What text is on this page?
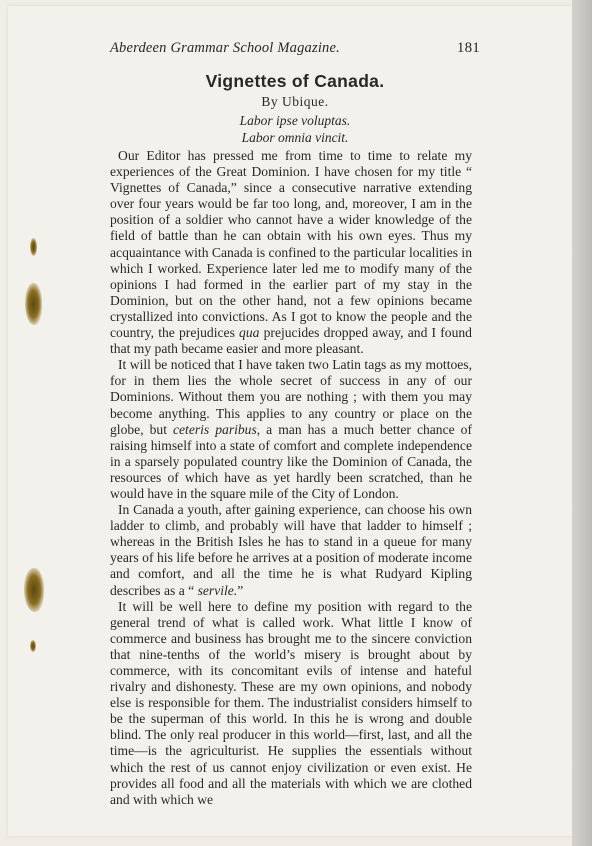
Aberdeen Grammar School Magazine.	181
Vignettes of Canada.
By Ubique.
Labor ipse voluptas.
Labor omnia vincit.

Our Editor has pressed me from time to time to relate my experiences of the Great Dominion. I have chosen for my title “ Vignettes of Canada,” since a consecutive narrative extending over four years would be far too long, and, moreover, I am in the position of a soldier who cannot have a wider knowledge of the field of battle than he can obtain with his own eyes. Thus my acquaintance with Canada is confined to the particular localities in which I worked. Experience later led me to modify many of the opinions I had formed in the earlier part of my stay in the Dominion, but on the other hand, not a few opinions became crystallized into convictions. As I got to know the people and the country, the prejudices qua prejucides dropped away, and I found that my path became easier and more pleasant.

It will be noticed that I have taken two Latin tags as my mottoes, for in them lies the whole secret of success in any of our Dominions. Without them you are nothing ; with them you may become anything. This applies to any country or place on the globe, but ceteris paribus, a man has a much better chance of raising himself into a state of comfort and complete independence in a sparsely populated country like the Dominion of Canada, the resources of which have as yet hardly been scratched, than he would have in the square mile of the City of London.

In Canada a youth, after gaining experience, can choose his own ladder to climb, and probably will have that ladder to himself ; whereas in the British Isles he has to stand in a queue for many years of his life before he arrives at a position of moderate income and comfort, and all the time he is what Rudyard Kipling describes as a “ servile.”

It will be well here to define my position with regard to the general trend of what is called work. What little I know of commerce and business has brought me to the sincere conviction that nine-tenths of the world’s misery is brought about by commerce, with its concomitant evils of intense and hateful rivalry and dishonesty. These are my own opinions, and nobody else is responsible for them. The industrialist considers himself to be the superman of this world. In this he is wrong and double blind. The only real producer in this world—first, last, and all the time—is the agriculturist. He supplies the essentials without which the rest of us cannot enjoy civilization or even exist. He provides all food and all the materials with which we are clothed and with which we
